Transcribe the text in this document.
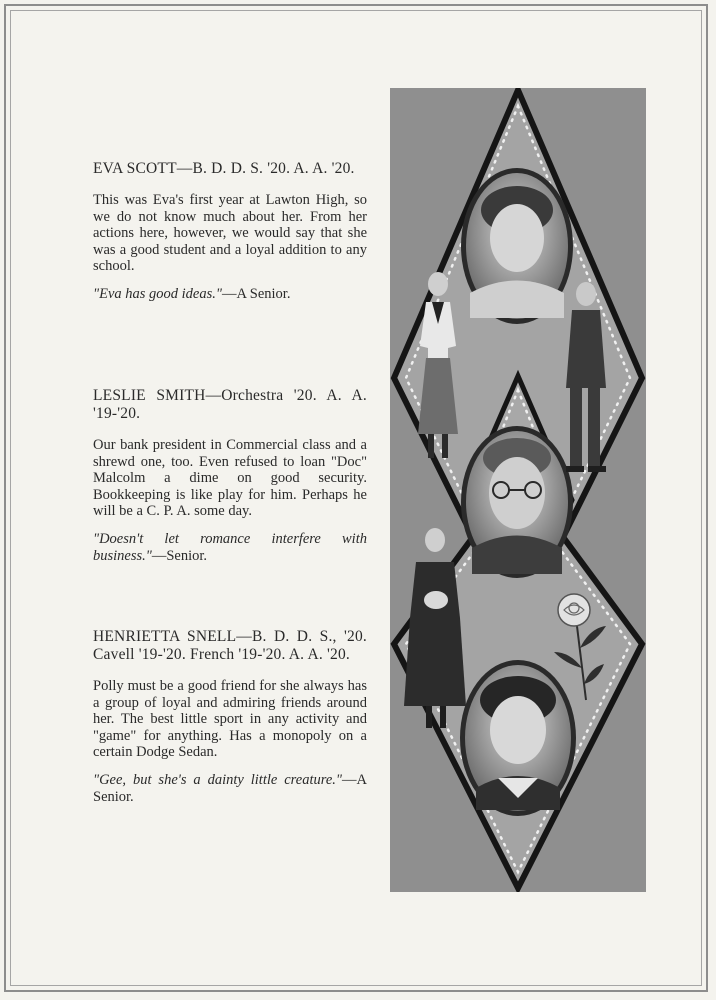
EVA SCOTT—B. D. D. S. '20. A. A. '20.

This was Eva's first year at Lawton High, so we do not know much about her. From her actions here, however, we would say that she was a good student and a loyal addition to any school.

"Eva has good ideas."—A Senior.

LESLIE SMITH—Orchestra '20. A. A. '19-'20.

Our bank president in Commercial class and a shrewd one, too. Even refused to loan "Doc" Malcolm a dime on good security. Bookkeeping is like play for him. Perhaps he will be a C. P. A. some day.

"Doesn't let romance interfere with business."—Senior.

HENRIETTA SNELL—B. D. D. S., '20. Cavell '19-'20. French '19-'20. A. A. '20.

Polly must be a good friend for she always has a group of loyal and admiring friends around her. The best little sport in any activity and "game" for anything. Has a monopoly on a certain Dodge Sedan.

"Gee, but she's a dainty little creature."—A Senior.
